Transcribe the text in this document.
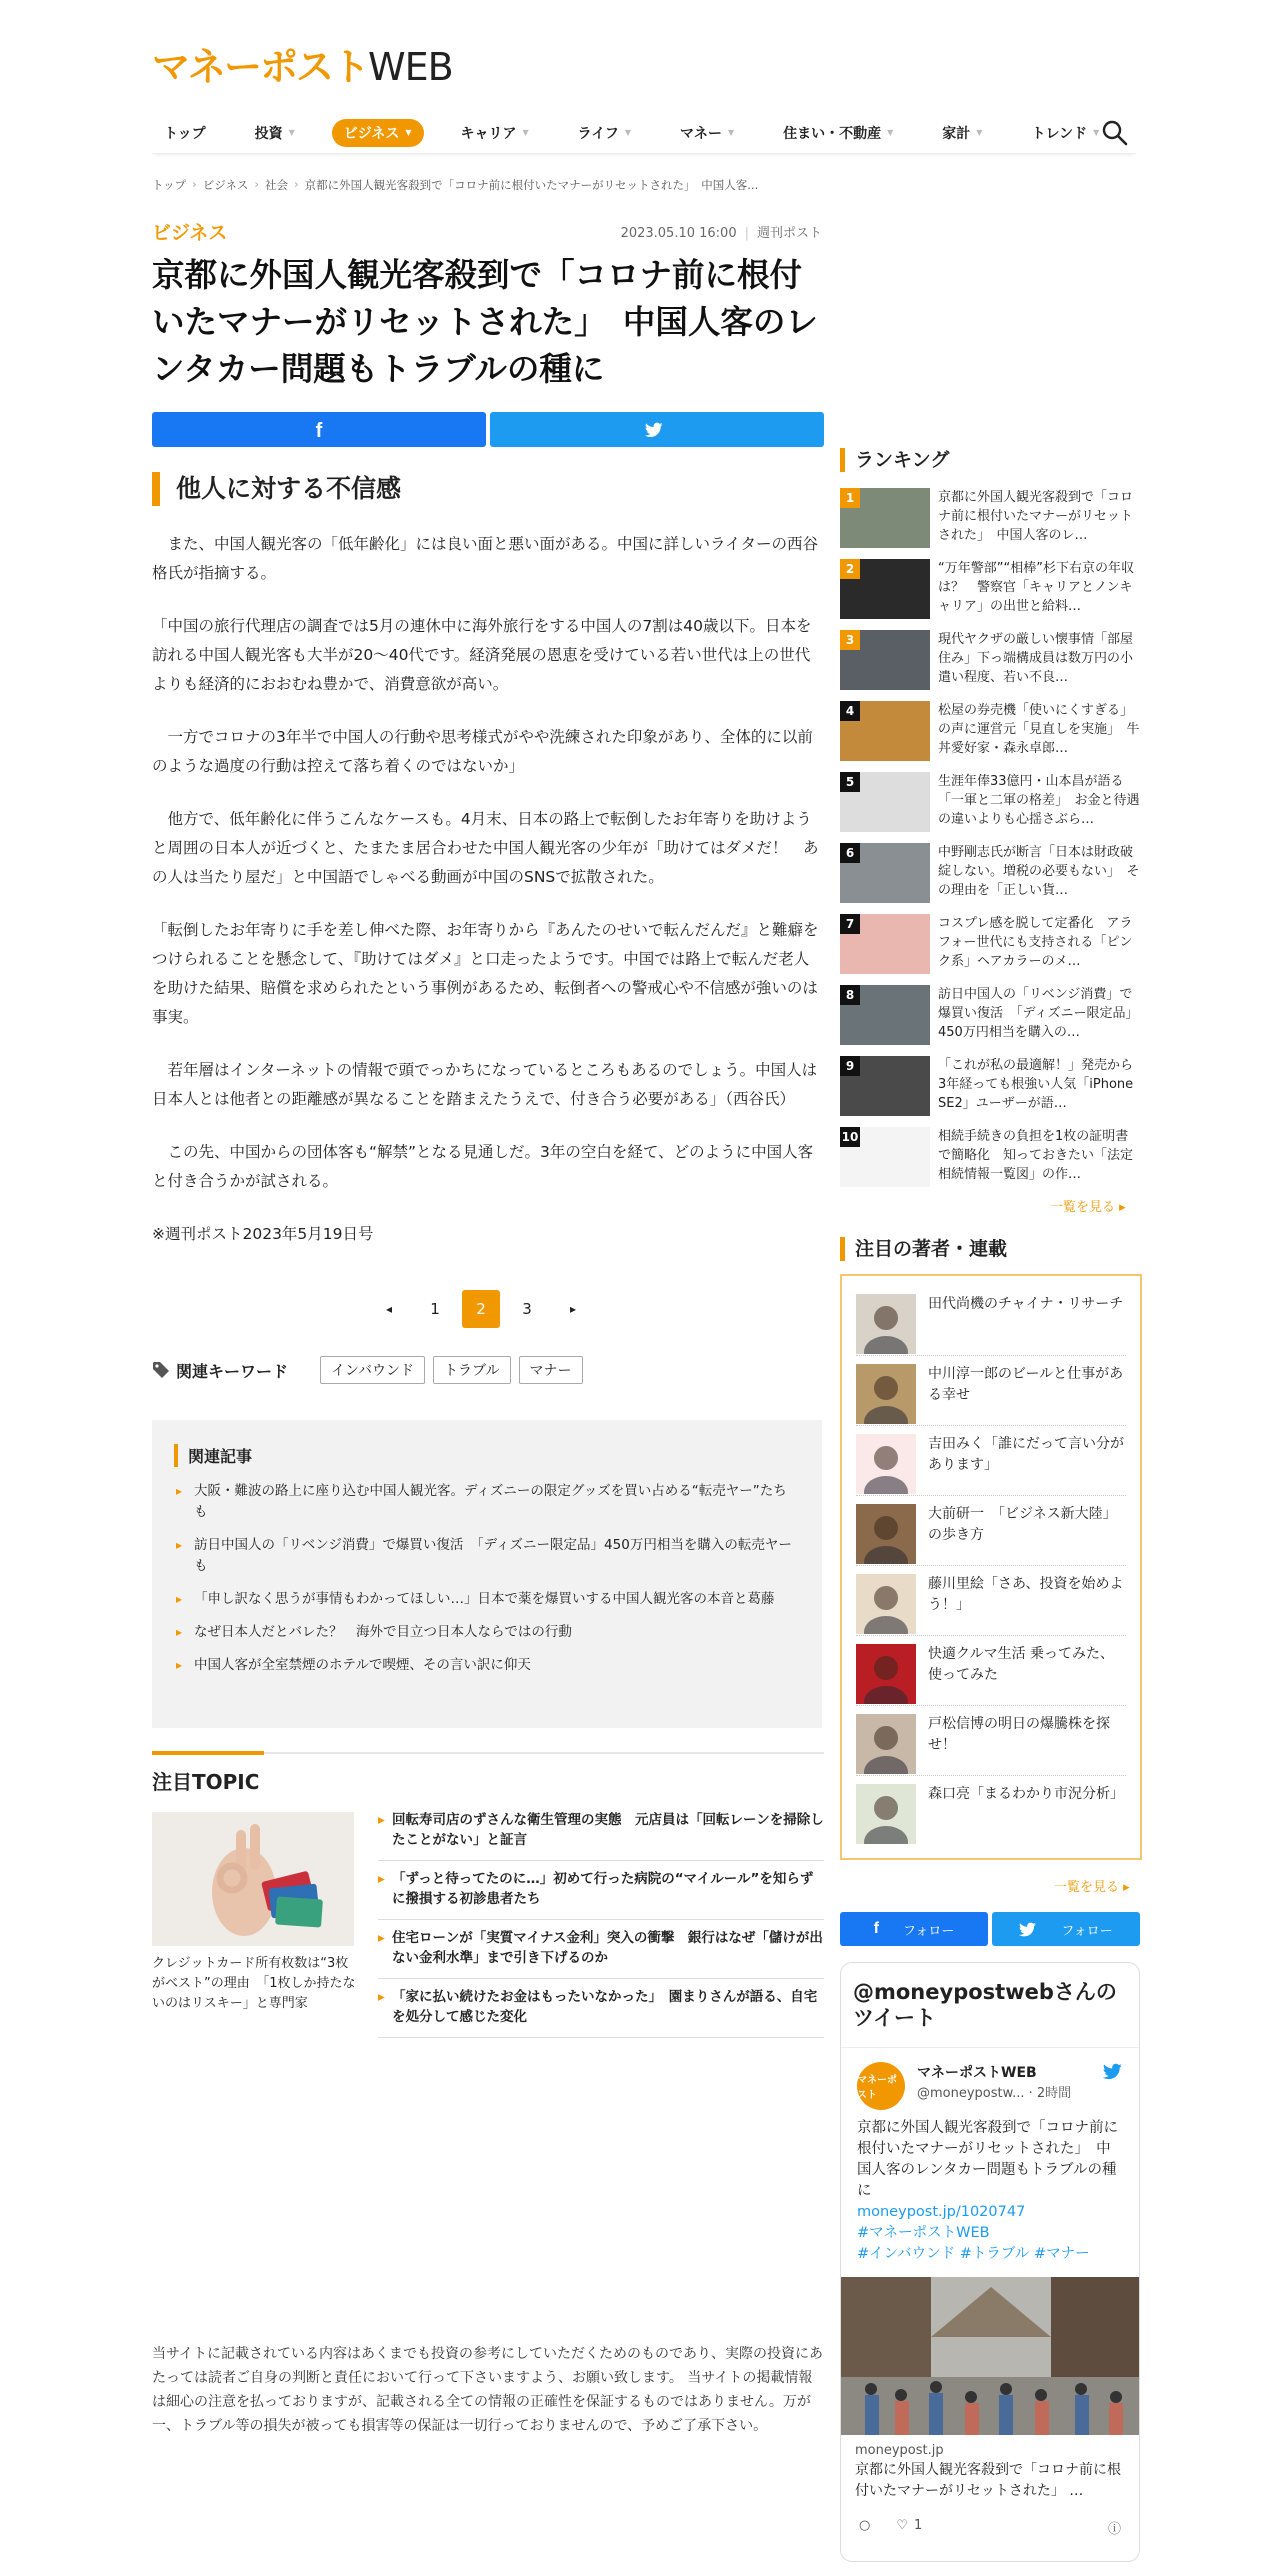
マネーポストWEB
トップ	投資 ▼	ビジネス ▼	キャリア ▼	ライフ ▼	マネー ▼	住まい・不動産 ▼	家計 ▼	トレンド ▼
トップ › ビジネス › 社会 › 京都に外国人観光客殺到で「コロナ前に根付いたマナーがリセットされた」　中国人客...
ビジネス	2023.05.10 16:00 | 週刊ポスト
京都に外国人観光客殺到で「コロナ前に根付いたマナーがリセットされた」　中国人客のレンタカー問題もトラブルの種に
f
他人に対する不信感

　また、中国人観光客の「低年齢化」には良い面と悪い面がある。中国に詳しいライターの西谷格氏が指摘する。

「中国の旅行代理店の調査では5月の連休中に海外旅行をする中国人の7割は40歳以下。日本を訪れる中国人観光客も大半が20～40代です。経済発展の恩恵を受けている若い世代は上の世代よりも経済的におおむね豊かで、消費意欲が高い。

　一方でコロナの3年半で中国人の行動や思考様式がやや洗練された印象があり、全体的に以前のような過度の行動は控えて落ち着くのではないか」

　他方で、低年齢化に伴うこんなケースも。4月末、日本の路上で転倒したお年寄りを助けようと周囲の日本人が近づくと、たまたま居合わせた中国人観光客の少年が「助けてはダメだ！　あの人は当たり屋だ」と中国語でしゃべる動画が中国のSNSで拡散された。

「転倒したお年寄りに手を差し伸べた際、お年寄りから『あんたのせいで転んだんだ』と難癖をつけられることを懸念して、『助けてはダメ』と口走ったようです。中国では路上で転んだ老人を助けた結果、賠償を求められたという事例があるため、転倒者への警戒心や不信感が強いのは事実。

　若年層はインターネットの情報で頭でっかちになっているところもあるのでしょう。中国人は日本人とは他者との距離感が異なることを踏まえたうえで、付き合う必要がある」（西谷氏）

　この先、中国からの団体客も“解禁”となる見通しだ。3年の空白を経て、どのように中国人客と付き合うかが試される。

※週刊ポスト2023年5月19日号

◂	1	2	3	▸
関連キーワード	インバウンド	トラブル	マナー
関連記事
▸ 大阪・難波の路上に座り込む中国人観光客。ディズニーの限定グッズを買い占める“転売ヤー”たちも
▸ 訪日中国人の「リベンジ消費」で爆買い復活　「ディズニー限定品」450万円相当を購入の転売ヤーも
▸ 「申し訳なく思うが事情もわかってほしい…」日本で薬を爆買いする中国人観光客の本音と葛藤
▸ なぜ日本人だとバレた？　海外で目立つ日本人ならではの行動
▸ 中国人客が全室禁煙のホテルで喫煙、その言い訳に仰天
注目TOPIC
クレジットカード所有枚数は“3枚がベスト”の理由　「1枚しか持たないのはリスキー」と専門家
▸ 回転寿司店のずさんな衛生管理の実態　元店員は「回転レーンを掃除したことがない」と証言
▸ 「ずっと待ってたのに…」初めて行った病院の“マイルール”を知らずに撥損する初診患者たち
▸ 住宅ローンが「実質マイナス金利」突入の衝撃　銀行はなぜ「儲けが出ない金利水準」まで引き下げるのか
▸ 「家に払い続けたお金はもったいなかった」　園まりさんが語る、自宅を処分して感じた変化
当サイトに記載されている内容はあくまでも投資の参考にしていただくためのものであり、実際の投資にあたっては読者ご自身の判断と責任において行って下さいますよう、お願い致します。 当サイトの掲載情報は細心の注意を払っておりますが、記載される全ての情報の正確性を保証するものではありません。万が一、トラブル等の損失が被っても損害等の保証は一切行っておりませんので、予めご了承下さい。
ランキング
1	京都に外国人観光客殺到で「コロナ前に根付いたマナーがリセットされた」　中国人客のレ…
2	“万年警部”“相棒”杉下右京の年収は？　警察官「キャリアとノンキャリア」の出世と給料…
3	現代ヤクザの厳しい懐事情「部屋住み」下っ端構成員は数万円の小遣い程度、若い不良…
4	松屋の券売機「使いにくすぎる」の声に運営元「見直しを実施」　牛丼愛好家・森永卓郎…
5	生涯年俸33億円・山本昌が語る「一軍と二軍の格差」　お金と待遇の違いよりも心揺さぶら…
6	中野剛志氏が断言「日本は財政破綻しない。増税の必要もない」　その理由を「正しい貨…
7	コスプレ感を脱して定番化　アラフォー世代にも支持される「ピンク系」ヘアカラーのメ…
8	訪日中国人の「リベンジ消費」で爆買い復活　「ディズニー限定品」450万円相当を購入の…
9	「これが私の最適解！」発売から3年経っても根強い人気「iPhone SE2」ユーザーが語…
10	相続手続きの負担を1枚の証明書で簡略化　知っておきたい「法定相続情報一覧図」の作…
一覧を見る ▸
注目の著者・連載
田代尚機のチャイナ・リサーチ
中川淳一郎のビールと仕事がある幸せ
吉田みく「誰にだって言い分があります」
大前研一　「ビジネス新大陸」の歩き方
藤川里絵「さあ、投資を始めよう！」
快適クルマ生活 乗ってみた、使ってみた
戸松信博の明日の爆騰株を探せ！
森口亮「まるわかり市況分析」
一覧を見る ▸
f フォロー	フォロー
@moneypostwebさんのツイート
マネーポスト
マネーポストWEB
@moneypostw... · 2時間
京都に外国人観光客殺到で「コロナ前に根付いたマナーがリセットされた」　中国人客のレンタカー問題もトラブルの種に
moneypost.jp/1020747
#マネーポストWEB
#インバウンド #トラブル #マナー
moneypost.jp
京都に外国人観光客殺到で「コロナ前に根付いたマナーがリセットされた」 …
○ ♡ 1	ⓘ
